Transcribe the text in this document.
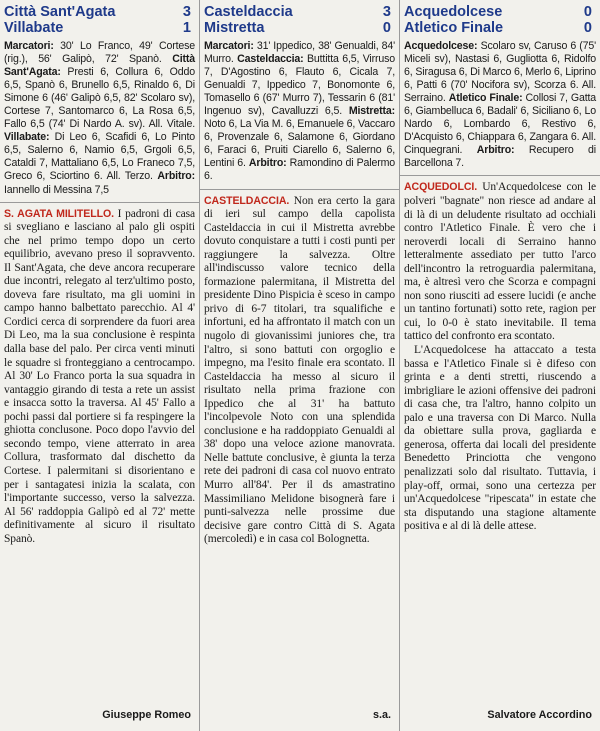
Città Sant'Agata	3
Villabate	1
Marcatori: 30' Lo Franco, 49' Cortese (rig.), 56' Galipò, 72' Spanò. Città Sant'Agata: Presti 6, Collura 6, Oddo 6,5, Spanò 6, Brunello 6,5, Rinaldo 6, Di Simone 6 (46' Galipò 6,5, 82' Scolaro sv), Cortese 7, Santomarco 6, La Rosa 6,5, Fallo 6,5 (74' Di Nardo A. sv). All. Vitale. Villabate: Di Leo 6, Scafidi 6, Lo Pinto 6,5, Salerno 6, Namio 6,5, Grgoli 6,5, Cataldi 7, Mattaliano 6,5, Lo Franeco 7,5, Greco 6, Sciortino 6. All. Terzo. Arbitro: Iannello di Messina 7,5
S. AGATA MILITELLO. I padroni di casa si svegliano e lasciano al palo gli ospiti che nel primo tempo dopo un certo equilibrio, avevano preso il sopravvento. Il Sant'Agata, che deve ancora recuperare due incontri, relegato al terz'ultimo posto, doveva fare risultato, ma gli uomini in campo hanno balbettato parecchio. Al 4' Cordici cerca di sorprendere da fuori area Di Leo, ma la sua conclusione è respinta dalla base del palo. Per circa venti minuti le squadre si fronteggiano a centrocampo. Al 30' Lo Franco porta la sua squadra in vantaggio girando di testa a rete un assist e insacca sotto la traversa. Al 45' Fallo a pochi passi dal portiere si fa respingere la ghiotta conclusone. Poco dopo l'avvio del secondo tempo, viene atterrato in area Collura, trasformato dal dischetto da Cortese. I palermitani si disorientano e per i santagatesi inizia la scalata, con l'importante successo, verso la salvezza. Al 56' raddoppia Galipò ed al 72' mette definitivamente al sicuro il risultato Spanò.
Giuseppe Romeo
Casteldaccia	3
Mistretta	0
Marcatori: 31' Ippedico, 38' Genualdi, 84' Murro. Casteldaccia: Buttitta 6,5, Virruso 7, D'Agostino 6, Flauto 6, Cicala 7, Genualdi 7, Ippedico 7, Bonomonte 6, Tomasello 6 (67' Murro 7), Tessarin 6 (81' Ingenuo sv), Cavalluzzi 6,5. Mistretta: Noto 6, La Via M. 6, Emanuele 6, Vaccaro 6, Provenzale 6, Salamone 6, Giordano 6, Faraci 6, Pruiti Ciarello 6, Salerno 6, Lentini 6. Arbitro: Ramondino di Palermo 6.
CASTELDACCIA. Non era certo la gara di ieri sul campo della capolista Casteldaccia in cui il Mistretta avrebbe dovuto conquistare a tutti i costi punti per raggiungere la salvezza. Oltre all'indiscusso valore tecnico della formazione palermitana, il Mistretta del presidente Dino Pispicia è sceso in campo privo di 6-7 titolari, tra squalifiche e infortuni, ed ha affrontato il match con un nugolo di giovanissimi juniores che, tra l'altro, si sono battuti con orgoglio e impegno, ma l'esito finale era scontato. Il Casteldaccia ha messo al sicuro il risultato nella prima frazione con Ippedico che al 31' ha battuto l'incolpevole Noto con una splendida conclusione e ha raddoppiato Genualdi al 38' dopo una veloce azione manovrata. Nelle battute conclusive, è giunta la terza rete dei padroni di casa col nuovo entrato Murro all'84'. Per il ds amastratino Massimiliano Melidone bisognerà fare i punti-salvezza nelle prossime due decisive gare contro Città di S. Agata (mercoledì) e in casa col Bolognetta.
s.a.
Acquedolcese	0
Atletico Finale	0
Acquedolcese: Scolaro sv, Caruso 6 (75' Miceli sv), Nastasi 6, Gugliotta 6, Ridolfo 6, Siragusa 6, Di Marco 6, Merlo 6, Liprino 6, Patti 6 (70' Nocifora sv), Scorza 6. All. Serraino. Atletico Finale: Collosi 7, Gatta 6, Giambelluca 6, Badali' 6, Siciliano 6, Lo Nardo 6, Lombardo 6, Restivo 6, D'Acquisto 6, Chiappara 6, Zangara 6. All. Cinquegrani. Arbitro: Recupero di Barcellona 7.
ACQUEDOLCI. Un'Acquedolcese con le polveri "bagnate" non riesce ad andare al di là di un deludente risultato ad occhiali contro l'Atletico Finale. È vero che i neroverdi locali di Serraino hanno letteralmente assediato per tutto l'arco dell'incontro la retroguardia palermitana, ma, è altresì vero che Scorza e compagni non sono riusciti ad essere lucidi (e anche un tantino fortunati) sotto rete, ragion per cui, lo 0-0 è stato inevitabile. Il tema tattico del confronto era scontato.
L'Acquedolcese ha attaccato a testa bassa e l'Atletico Finale si è difeso con grinta e a denti stretti, riuscendo a imbrigliare le azioni offensive dei padroni di casa che, tra l'altro, hanno colpito un palo e una traversa con Di Marco. Nulla da obiettare sulla prova, gagliarda e generosa, offerta dai locali del presidente Benedetto Princiotta che vengono penalizzati solo dal risultato. Tuttavia, i play-off, ormai, sono una certezza per un'Acquedolcese "ripescata" in estate che sta disputando una stagione altamente positiva e al di là delle attese.
Salvatore Accordino
